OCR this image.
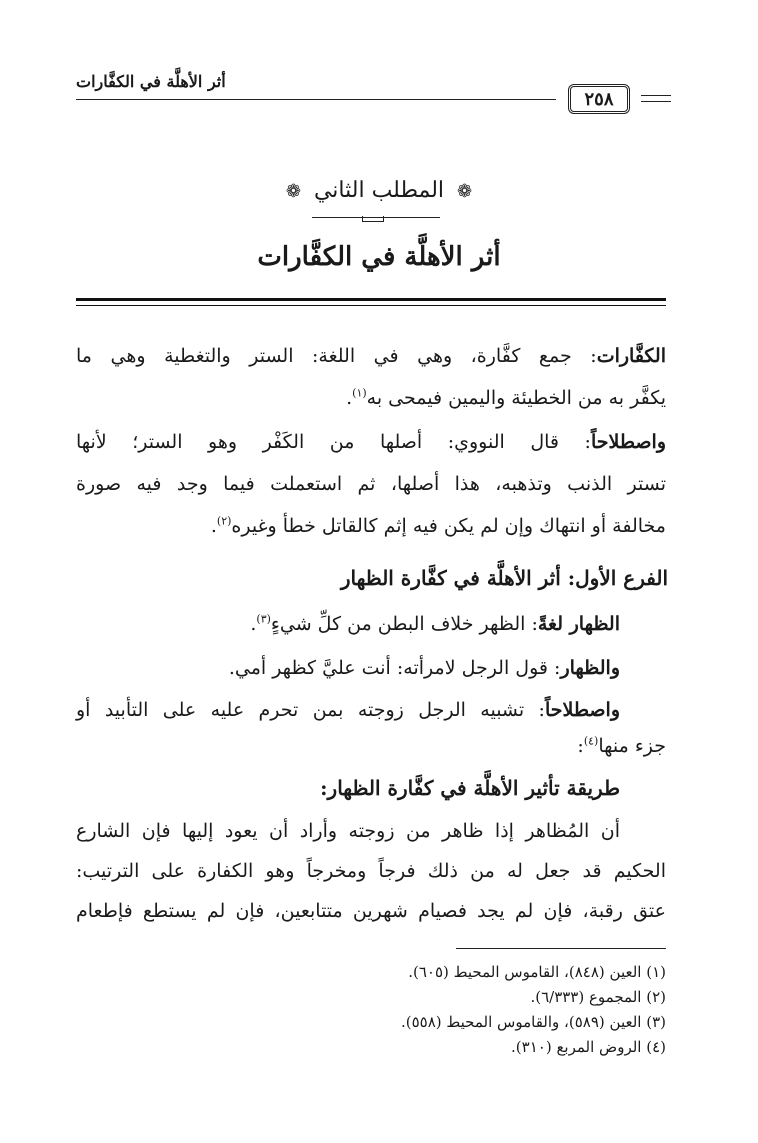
أثر الأهلَّة في الكفَّارات
٢٥٨
❁ المطلب الثاني ❁
أثر الأهلَّة في الكفَّارات
الكفَّارات: جمع كفَّارة، وهي في اللغة: الستر والتغطية وهي ما
يكفَّر به من الخطيئة واليمين فيمحى به$^{(١)}$.
واصطلاحاً: قال النووي: أصلها من الكَفْر وهو الستر؛ لأنها
تستر الذنب وتذهبه، هذا أصلها، ثم استعملت فيما وجد فيه صورة
مخالفة أو انتهاك وإن لم يكن فيه إثم كالقاتل خطأ وغيره$^{(٢)}$.
الفرع الأول: أثر الأهلَّة في كفَّارة الظهار
الظهار لغةً: الظهر خلاف البطن من كلِّ شيءٍ$^{(٣)}$.
والظهار: قول الرجل لامرأته: أنت عليَّ كظهر أمي.
واصطلاحاً: تشبيه الرجل زوجته بمن تحرم عليه على التأبيد أو
جزء منها$^{(٤)}$:
طريقة تأثير الأهلَّة في كفَّارة الظهار:
أن المُظاهر إذا ظاهر من زوجته وأراد أن يعود إليها فإن الشارع
الحكيم قد جعل له من ذلك فرجاً ومخرجاً وهو الكفارة على الترتيب:
عتق رقبة، فإن لم يجد فصيام شهرين متتابعين، فإن لم يستطع فإطعام
(١) العين (٨٤٨)، القاموس المحيط (٦٠٥).
(٢) المجموع (٦/٣٣٣).
(٣) العين (٥٨٩)، والقاموس المحيط (٥٥٨).
(٤) الروض المربع (٣١٠).
